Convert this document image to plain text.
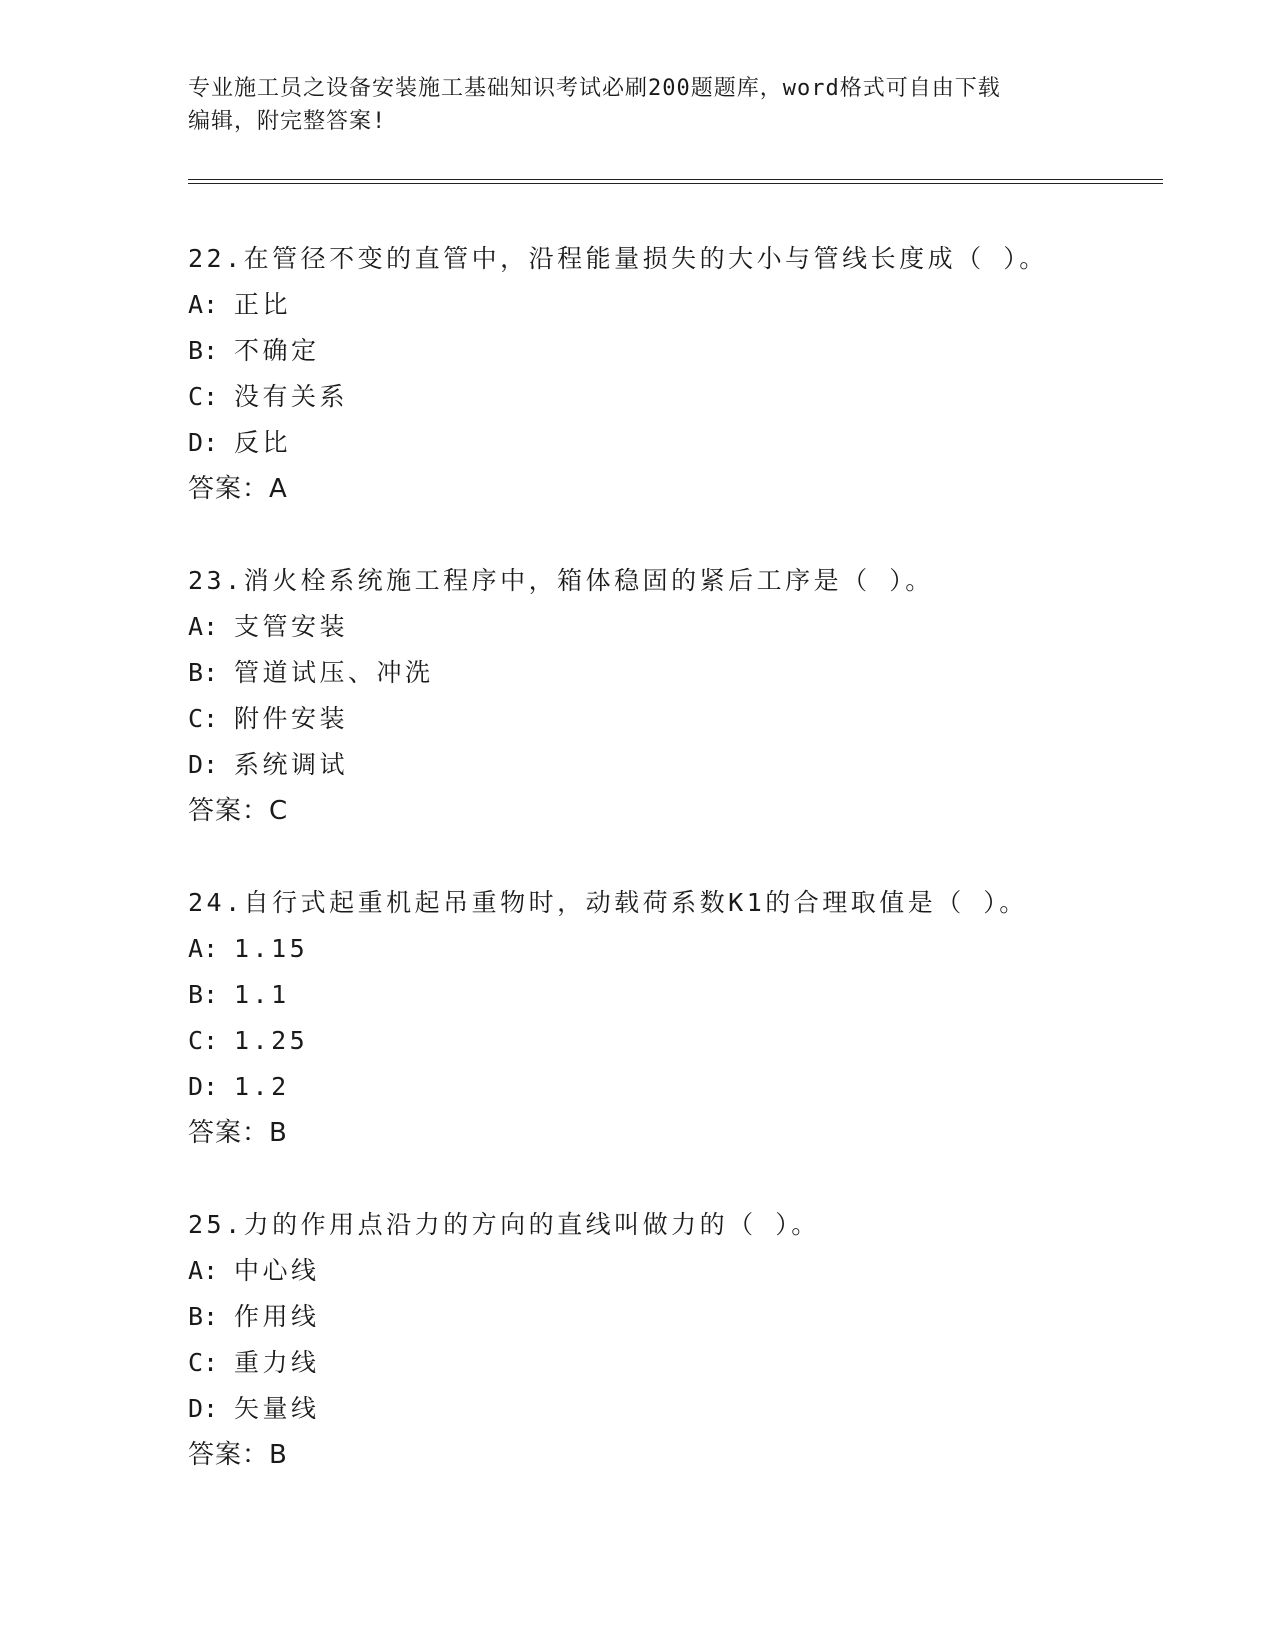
专业施工员之设备安装施工基础知识考试必刷200题题库，word格式可自由下载
编辑，附完整答案!
22.在管径不变的直管中，沿程能量损失的大小与管线长度成（ ）。
A: 正比
B: 不确定
C: 没有关系
D: 反比
答案：A
23.消火栓系统施工程序中，箱体稳固的紧后工序是（ ）。
A: 支管安装
B: 管道试压、冲洗
C: 附件安装
D: 系统调试
答案：C
24.自行式起重机起吊重物时，动载荷系数K1的合理取值是（ ）。
A: 1.15
B: 1.1
C: 1.25
D: 1.2
答案：B
25.力的作用点沿力的方向的直线叫做力的（ ）。
A: 中心线
B: 作用线
C: 重力线
D: 矢量线
答案：B
